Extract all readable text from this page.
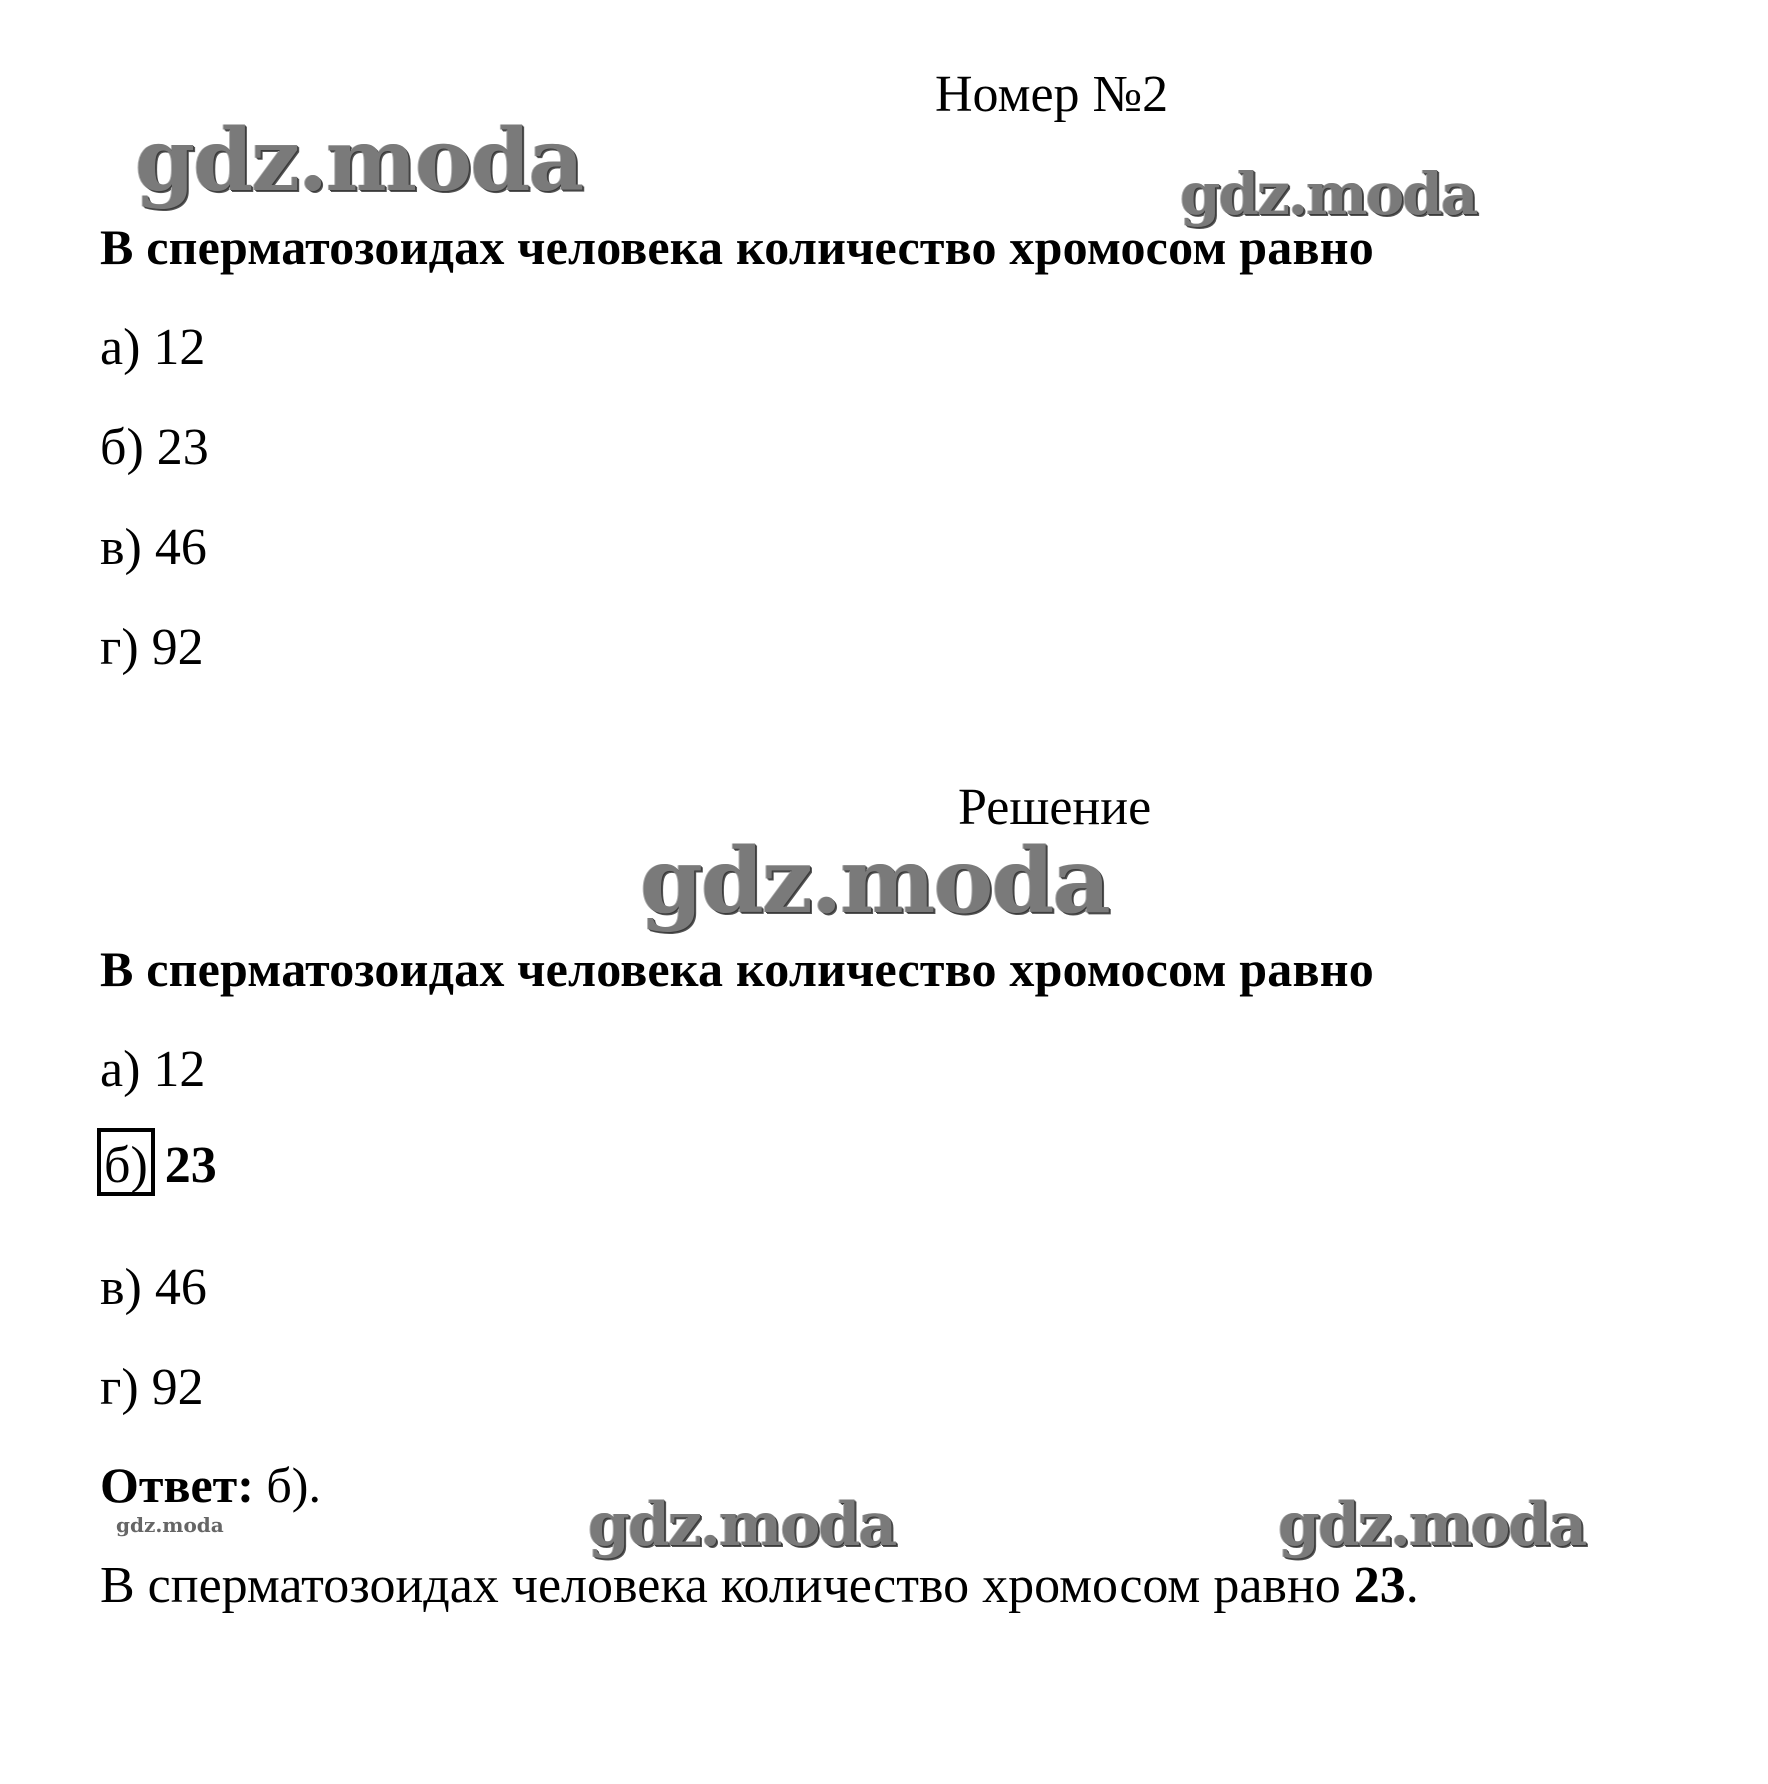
gdz.moda	gdz.moda
gdz.moda
gdz.moda	gdz.moda
gdz.moda
Номер №2
В сперматозоидах человека количество хромосом равно
а) 12
б) 23
в) 46
г) 92
Решение
В сперматозоидах человека количество хромосом равно
а) 12
б) 23
в) 46
г) 92
Ответ: б).
В сперматозоидах человека количество хромосом равно 23.
